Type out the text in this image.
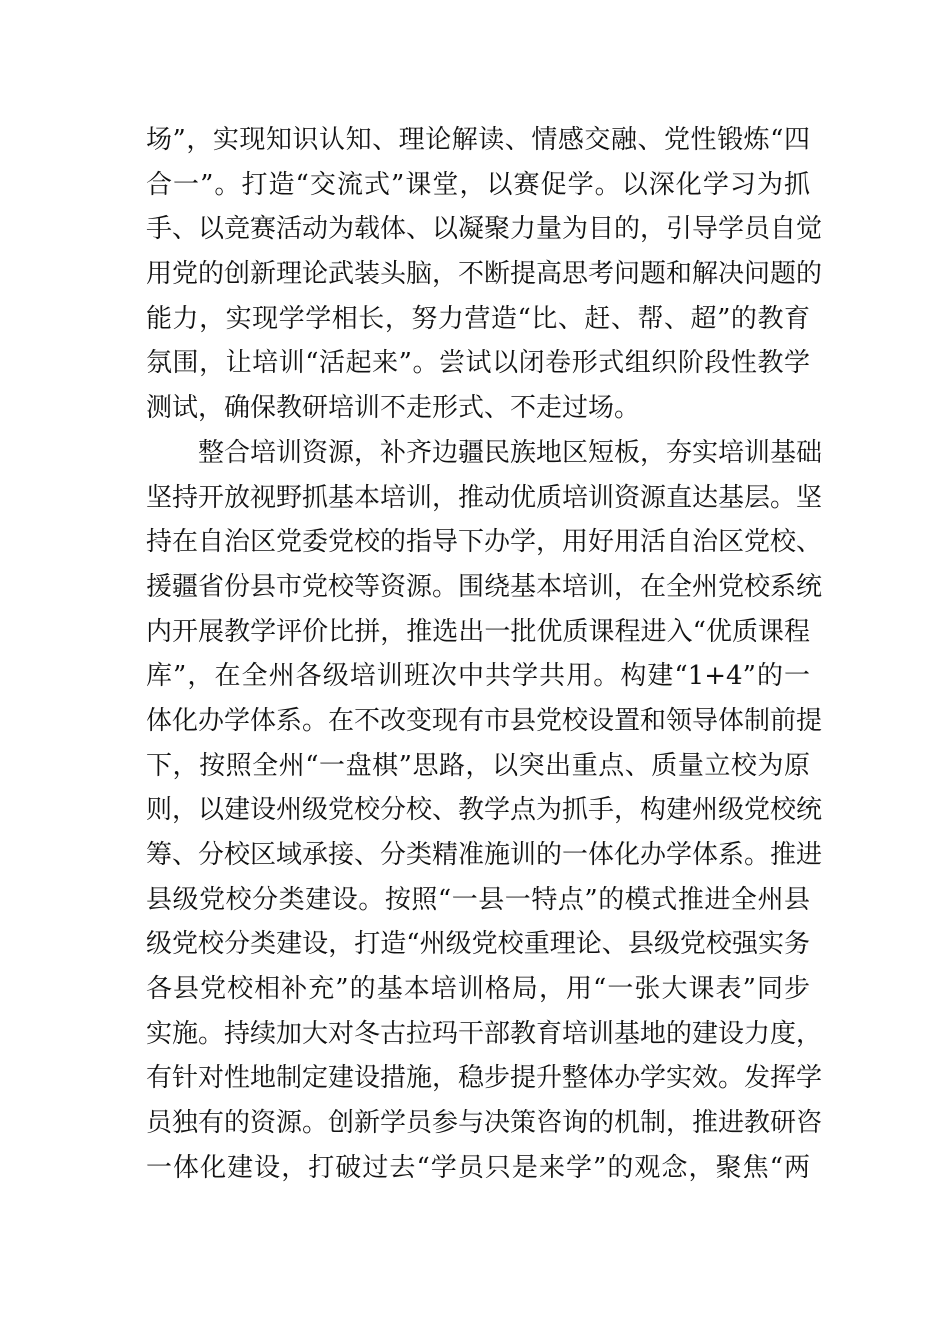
场”，实现知识认知、理论解读、情感交融、党性锻炼“四
合一”。打造“交流式”课堂，以赛促学。以深化学习为抓
手、以竞赛活动为载体、以凝聚力量为目的，引导学员自觉
用党的创新理论武装头脑，不断提高思考问题和解决问题的
能力，实现学学相长，努力营造“比、赶、帮、超”的教育
氛围，让培训“活起来”。尝试以闭卷形式组织阶段性教学
测试，确保教研培训不走形式、不走过场。
整合培训资源，补齐边疆民族地区短板，夯实培训基础
坚持开放视野抓基本培训，推动优质培训资源直达基层。坚
持在自治区党委党校的指导下办学，用好用活自治区党校、
援疆省份县市党校等资源。围绕基本培训，在全州党校系统
内开展教学评价比拼，推选出一批优质课程进入“优质课程
库”，在全州各级培训班次中共学共用。构建“1+4”的一
体化办学体系。在不改变现有市县党校设置和领导体制前提
下，按照全州“一盘棋”思路，以突出重点、质量立校为原
则，以建设州级党校分校、教学点为抓手，构建州级党校统
筹、分校区域承接、分类精准施训的一体化办学体系。推进
县级党校分类建设。按照“一县一特点”的模式推进全州县
级党校分类建设，打造“州级党校重理论、县级党校强实务
各县党校相补充”的基本培训格局，用“一张大课表”同步
实施。持续加大对冬古拉玛干部教育培训基地的建设力度，
有针对性地制定建设措施，稳步提升整体办学实效。发挥学
员独有的资源。创新学员参与决策咨询的机制，推进教研咨
一体化建设，打破过去“学员只是来学”的观念，聚焦“两
